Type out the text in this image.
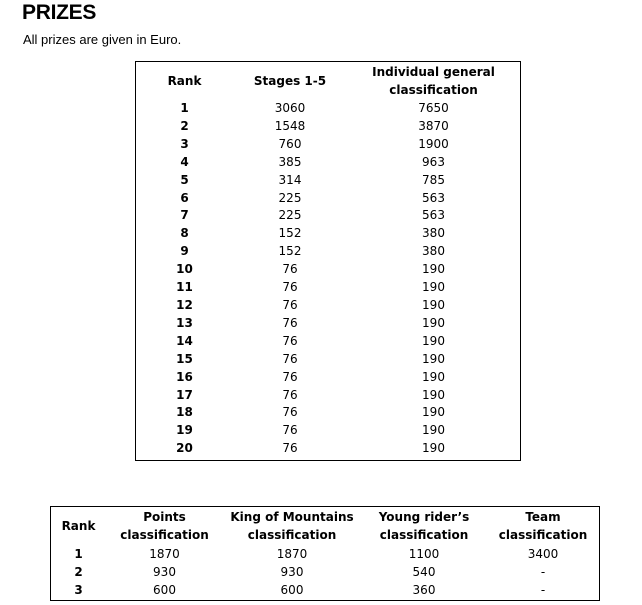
PRIZES
All prizes are given in Euro.
Rank	Stages 1-5	Individual general classification
1	3060	7650
2	1548	3870
3	760	1900
4	385	963
5	314	785
6	225	563
7	225	563
8	152	380
9	152	380
10	76	190
11	76	190
12	76	190
13	76	190
14	76	190
15	76	190
16	76	190
17	76	190
18	76	190
19	76	190
20	76	190
Rank	Points classification	King of Mountains classification	Young rider’s classification	Team classification
1	1870	1870	1100	3400
2	930	930	540	-
3	600	600	360	-
